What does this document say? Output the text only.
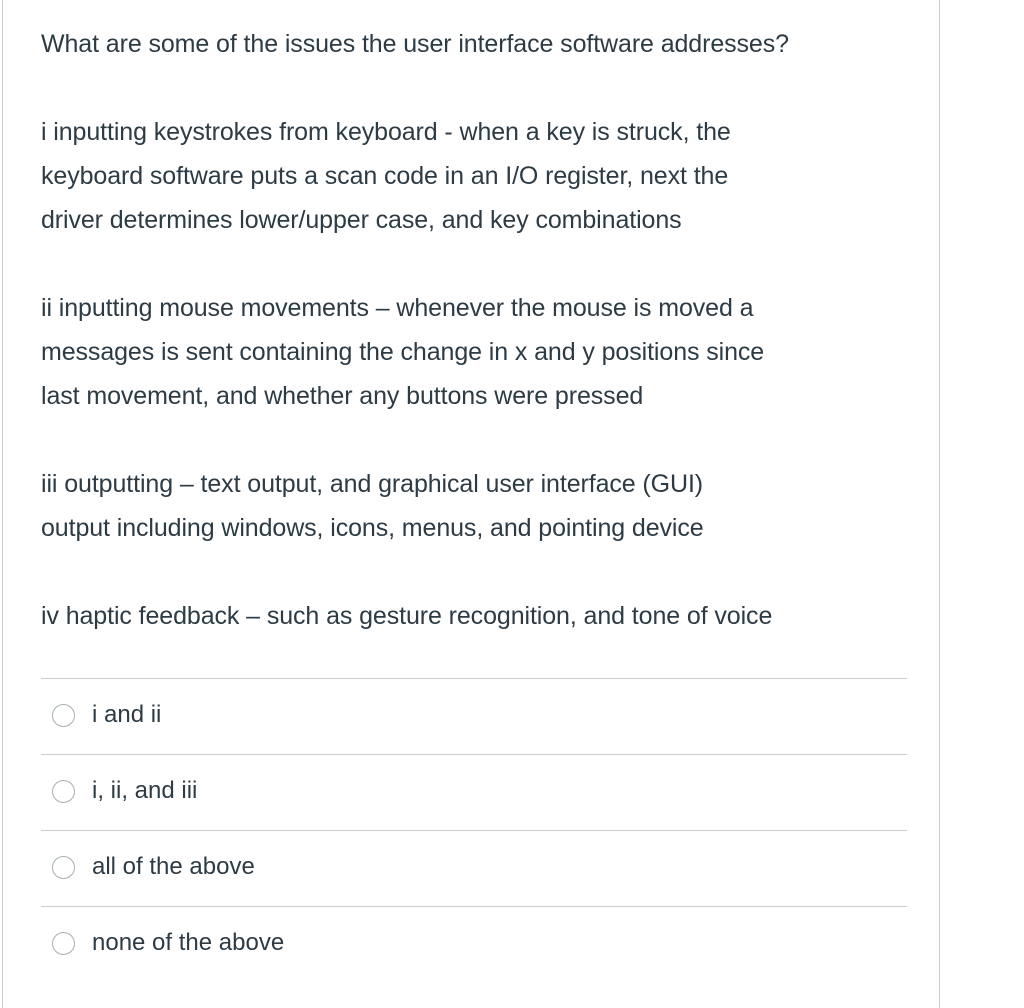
What are some of the issues the user interface software addresses?

i inputting keystrokes from keyboard - when a key is struck, the
keyboard software puts a scan code in an I/O register, next the
driver determines lower/upper case, and key combinations

ii inputting mouse movements – whenever the mouse is moved a
messages is sent containing the change in x and y positions since
last movement, and whether any buttons were pressed

iii outputting – text output, and graphical user interface (GUI)
output including windows, icons, menus, and pointing device

iv haptic feedback – such as gesture recognition, and tone of voice

i and ii
i, ii, and iii
all of the above
none of the above
